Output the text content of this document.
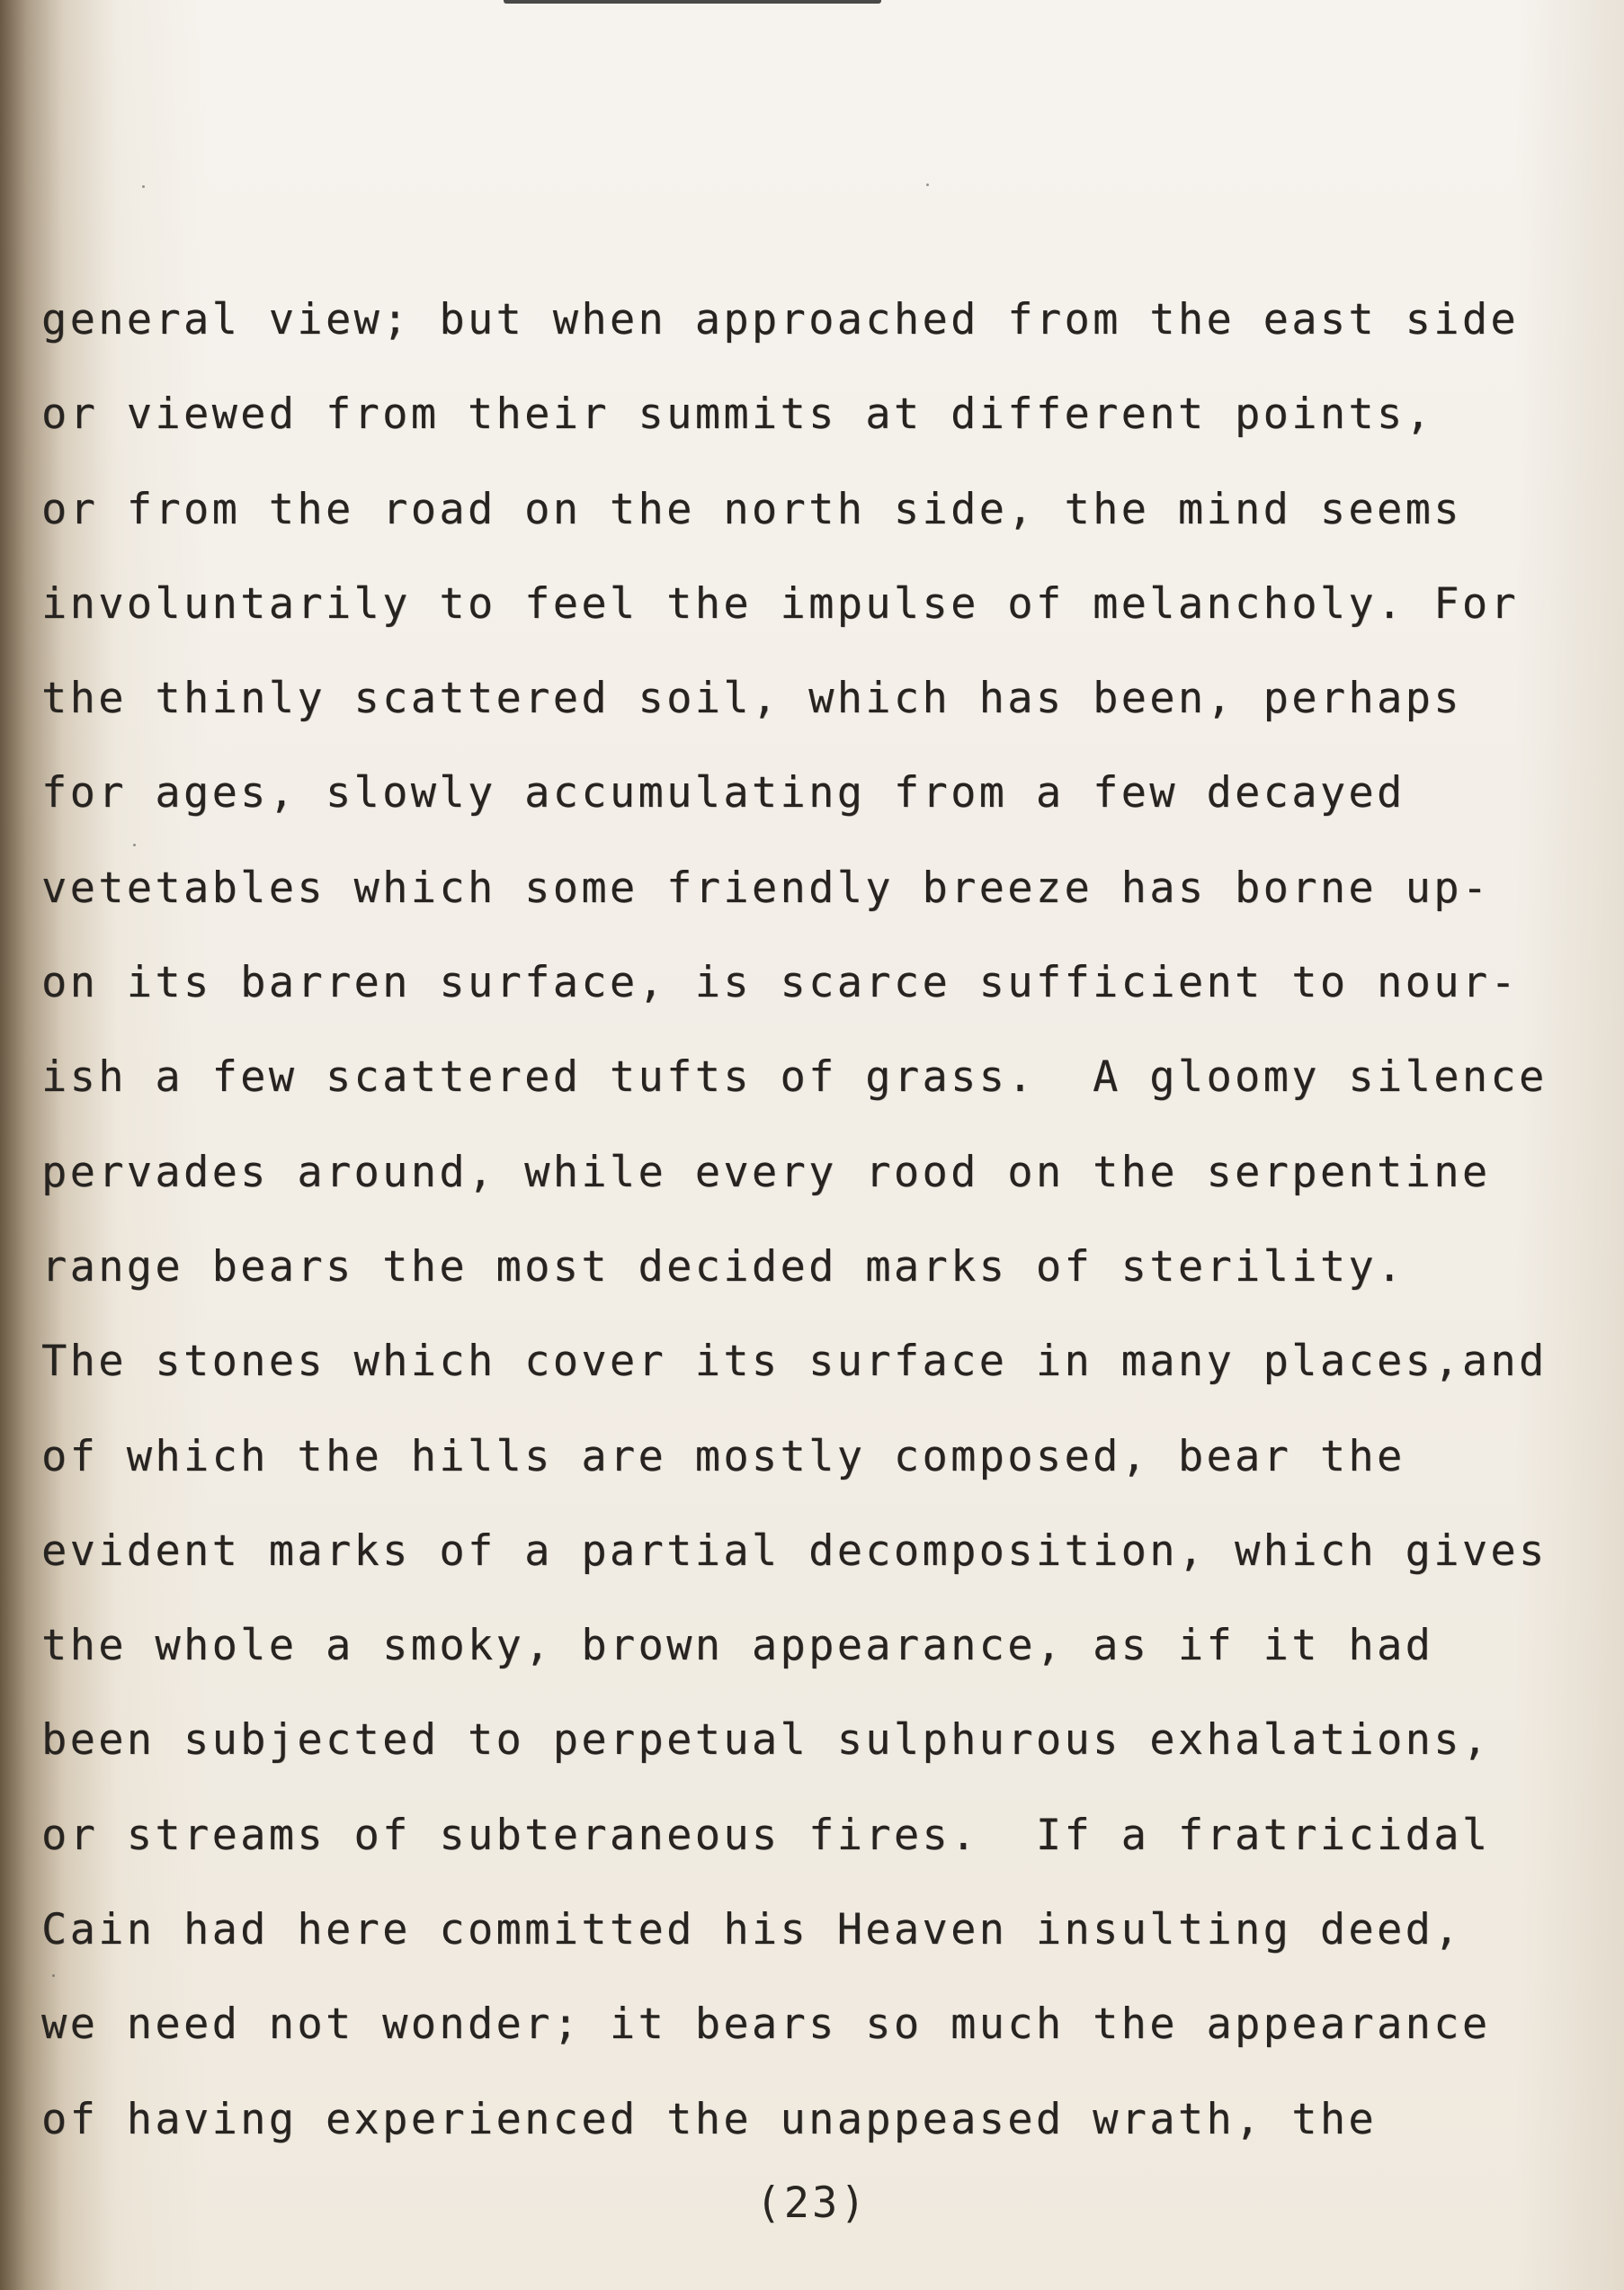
general view; but when approached from the east side
or viewed from their summits at different points,
or from the road on the north side, the mind seems
involuntarily to feel the impulse of melancholy. For
the thinly scattered soil, which has been, perhaps
for ages, slowly accumulating from a few decayed
vetetables which some friendly breeze has borne up-
on its barren surface, is scarce sufficient to nour-
ish a few scattered tufts of grass.  A gloomy silence
pervades around, while every rood on the serpentine
range bears the most decided marks of sterility.
The stones which cover its surface in many places,and
of which the hills are mostly composed, bear the
evident marks of a partial decomposition, which gives
the whole a smoky, brown appearance, as if it had
been subjected to perpetual sulphurous exhalations,
or streams of subteraneous fires.  If a fratricidal
Cain had here committed his Heaven insulting deed,
we need not wonder; it bears so much the appearance
of having experienced the unappeased wrath, the
(23)
